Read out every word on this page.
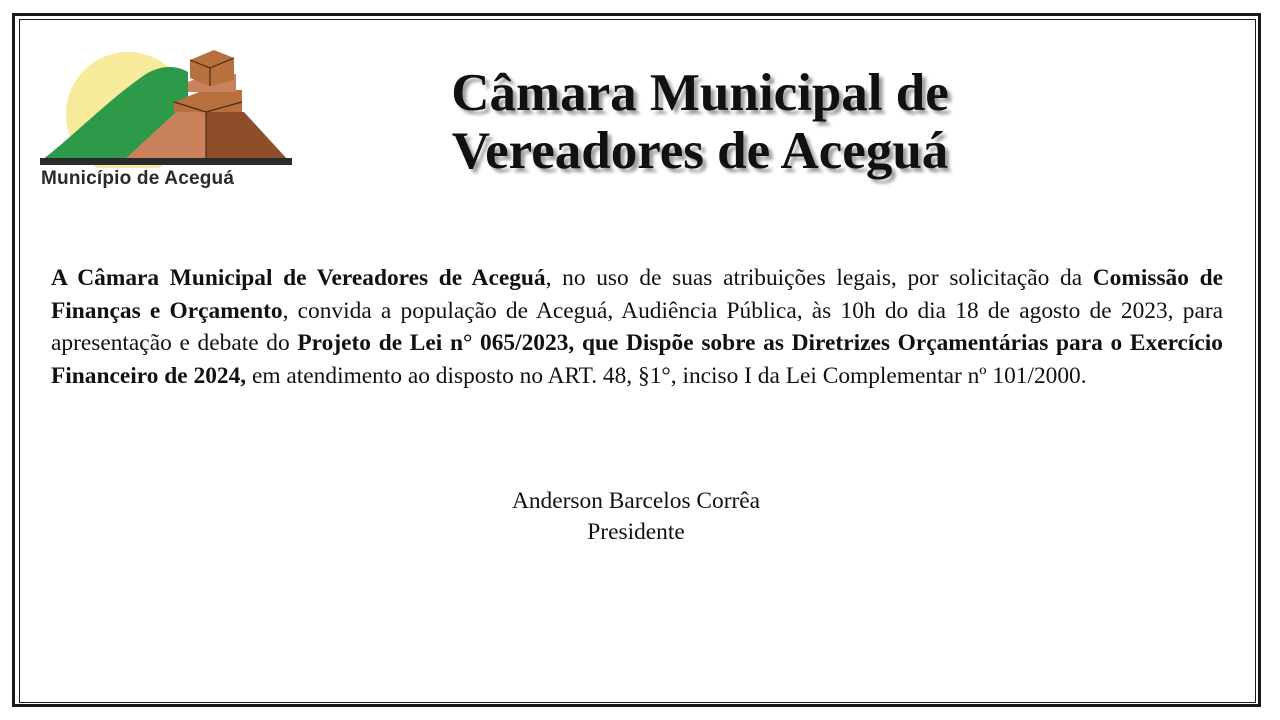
Município de Aceguá
Câmara Municipal de
Vereadores de Aceguá
A Câmara Municipal de Vereadores de Aceguá, no uso de suas atribuições legais, por solicitação da Comissão de Finanças e Orçamento, convida a população de Aceguá, Audiência Pública, às 10h do dia 18 de agosto de 2023, para apresentação e debate do Projeto de Lei n° 065/2023, que Dispõe sobre as Diretrizes Orçamentárias para o Exercício Financeiro de 2024, em atendimento ao disposto no ART. 48, §1°, inciso I da Lei Complementar nº 101/2000.
Anderson Barcelos Corrêa
Presidente
